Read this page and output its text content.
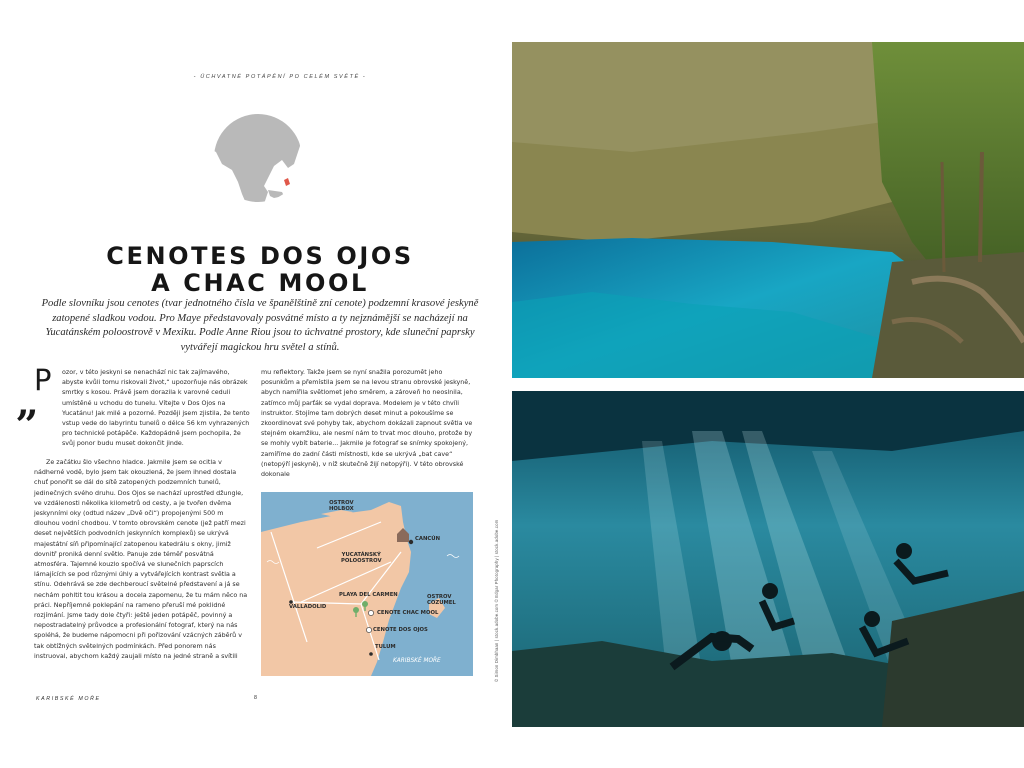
- ÚCHVATNÉ POTÁPĚNÍ PO CELÉM SVĚTĚ -
CENOTES DOS OJOS
A CHAC MOOL
Podle slovníku jsou cenotes (tvar jednotného čísla ve španělštině zní cenote) podzemní krasové jeskyně zatopené sladkou vodou. Pro Maye představovaly posvátné místo a ty nejznámější se nacházejí na Yucatánském poloostrově v Mexiku. Podle Anne Riou jsou to úchvatné prostory, kde sluneční paprsky vytvářejí magickou hru světel a stínů.
„
P ozor, v této jeskyni se nenachází nic tak zajímavého, abyste kvůli tomu riskovali život,“ upozorňuje nás obrázek smrtky s kosou. Právě jsem dorazila k varovné ceduli umístěné u vchodu do tunelu. Vítejte v Dos Ojos na Yucatánu! Jak milé a pozorné. Později jsem zjistila, že tento vstup vede do labyrintu tunelů o délce 56 km vyhrazených pro technické potápěče. Každopádně jsem pochopila, že svůj ponor budu muset dokončit jinde.

Ze začátku šlo všechno hladce. Jakmile jsem se ocitla v nádherné vodě, bylo jsem tak okouzlená, že jsem ihned dostala chuť ponořit se dál do sítě zatopených podzemních tunelů, jedinečných svého druhu. Dos Ojos se nachází uprostřed džungle, ve vzdálenosti několika kilometrů od cesty, a je tvořen dvěma jeskynními oky (odtud název „Dvě oči“) propojenými 500 m dlouhou vodní chodbou. V tomto obrovském cenote (jež patří mezi deset největších podvodních jeskynních komplexů) se ukrývá majestátní síň připomínající zatopenou katedrálu s okny, jimiž dovnitř proniká denní světlo. Panuje zde téměř posvátná atmosféra. Tajemné kouzlo spočívá ve slunečních paprscích lámajících se pod různými úhly a vytvářejících kontrast světla a stínu. Odehrává se zde dechberoucí světelné představení a já se nechám pohltit tou krásou a docela zapomenu, že tu mám něco na práci. Nepříjemné poklepání na rameno přeruší mé poklidné rozjímání. Jsme tady dole čtyři: ještě jeden potápěč, povinný a nepostradatelný průvodce a profesionální fotograf, který na nás spoléhá, že budeme nápomocni při pořizování vzácných záběrů v tak obtížných světelných podmínkách. Před ponorem nás instruoval, abychom každý zaujali místo na jedné straně a svítili

mu reflektory. Takže jsem se nyní snažila porozumět jeho posunkům a přemístila jsem se na levou stranu obrovské jeskyně, abych namířila světlomet jeho směrem, a zároveň ho neoslnila, zatímco můj parťák se vydal doprava. Modelem je v této chvíli instruktor. Stojíme tam dobrých deset minut a pokoušíme se zkoordinovat své pohyby tak, abychom dokázali zapnout světla ve stejném okamžiku, ale nesmí nám to trvat moc dlouho, protože by se mohly vybít baterie... Jakmile je fotograf se snímky spokojený, zamíříme do zadní části místnosti, kde se ukrývá „bat cave“ (netopýří jeskyně), v níž skutečně žijí netopýři). V této obrovské dokonale

OSTROV
HOLBOX
CANCÚN
YUCATÁNSKÝ
POLOOSTROV
VALLADOLID
PLAYA DEL CARMEN	OSTROV
COZUMEL
CENOTE CHAC MOOL
CENOTE DOS OJOS
TULUM
KARIBSKÉ MOŘE
KARIBSKÉ MOŘE	8
© Simon Dimbhaan | stock.adobe.com © Edgar Photography | stock.adobe.com
